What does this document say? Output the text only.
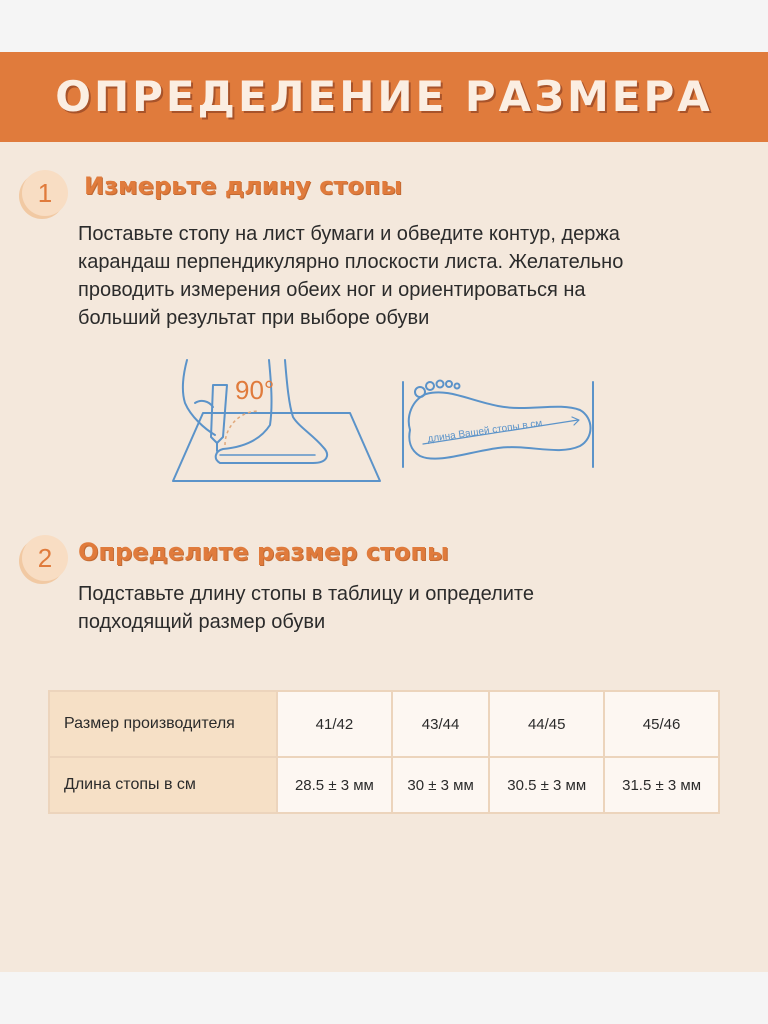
ОПРЕДЕЛЕНИЕ РАЗМЕРА
1	Измерьте длину стопы
Поставьте стопу на лист бумаги и обведите контур, держа
карандаш перпендикулярно плоскости листа. Желательно
проводить измерения обеих ног и ориентироваться на
больший результат при выборе обуви
90°
длина Вашей стопы в см
2	Определите размер стопы
Подставьте длину стопы в таблицу и определите
подходящий размер обуви
Размер производителя	41/42	43/44	44/45	45/46
Длина стопы в см	28.5 ± 3 мм	30 ± 3 мм	30.5 ± 3 мм	31.5 ± 3 мм
